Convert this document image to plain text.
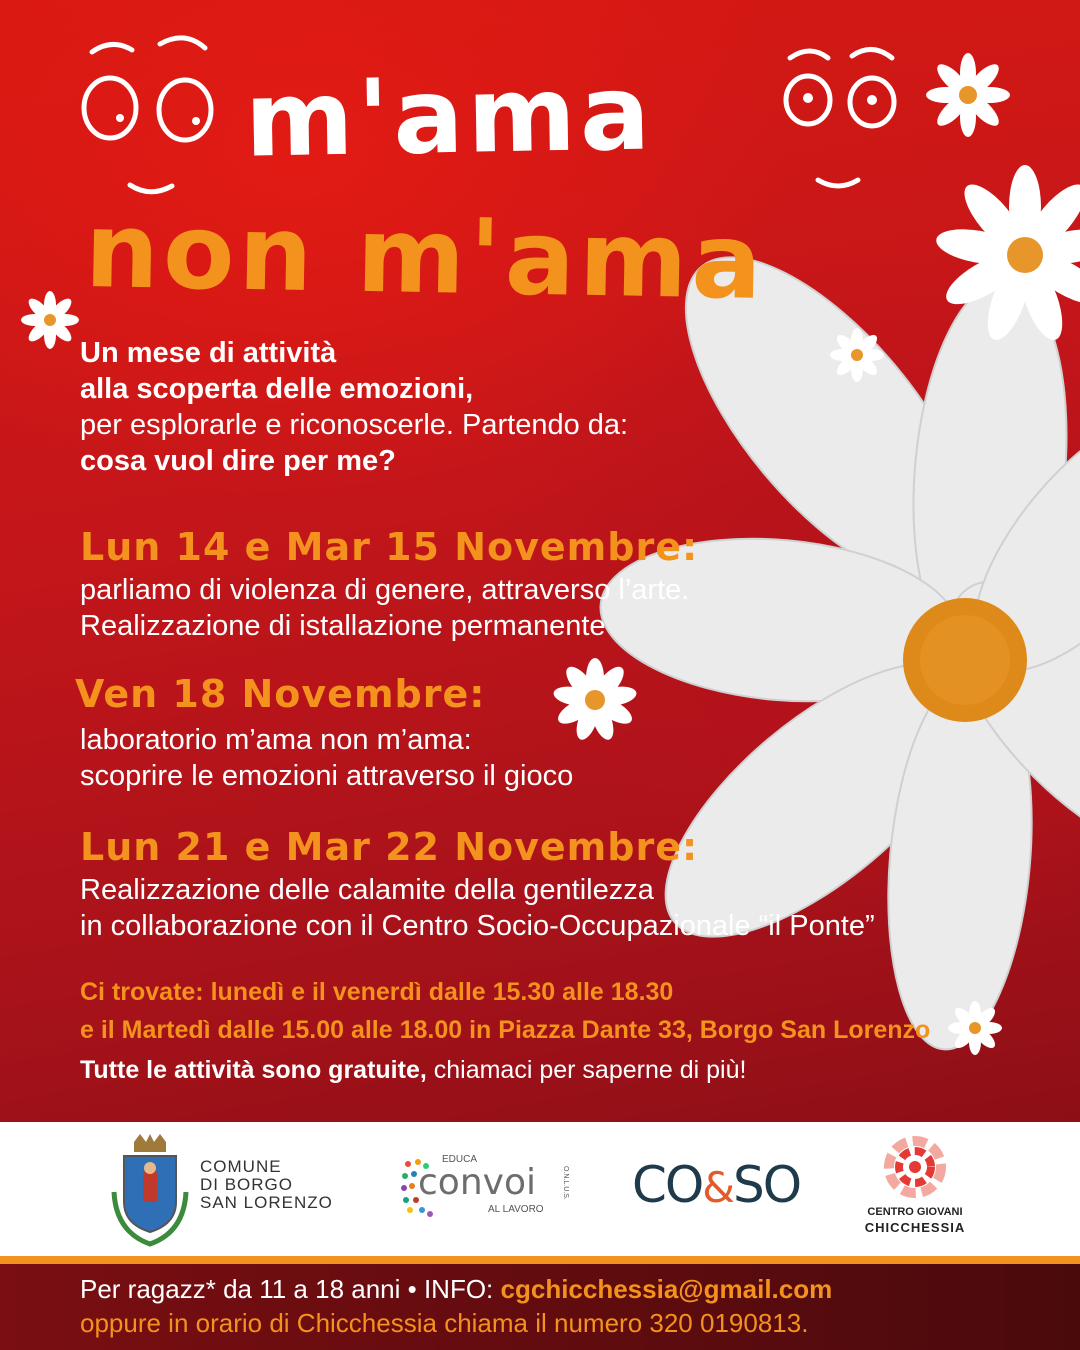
m'ama
non m'ama
Un mese di attività
alla scoperta delle emozioni,
per esplorarle e riconoscerle. Partendo da:
cosa vuol dire per me?
Lun 14 e Mar 15 Novembre:
parliamo di violenza di genere, attraverso l’arte.
Realizzazione di istallazione permanente
Ven 18 Novembre:
laboratorio m’ama non m’ama:
scoprire le emozioni attraverso il gioco
Lun 21 e Mar 22 Novembre:
Realizzazione delle calamite della gentilezza
in collaborazione con il Centro Socio-Occupazionale “il Ponte”
Ci trovate: lunedì e il venerdì dalle 15.30 alle 18.30
e il Martedì dalle 15.00 alle 18.00 in Piazza Dante 33, Borgo San Lorenzo
Tutte le attività sono gratuite, chiamaci per saperne di più!
COMUNE
DI BORGO
SAN LORENZO
EDUCA
convoi
AL LAVORO
O.N.L.U.S. CO&SO	CENTRO GIOVANI
CHICCHESSIA
Per ragazz* da 11 a 18 anni • INFO: cgchicchessia@gmail.com
oppure in orario di Chicchessia chiama il numero 320 0190813.
